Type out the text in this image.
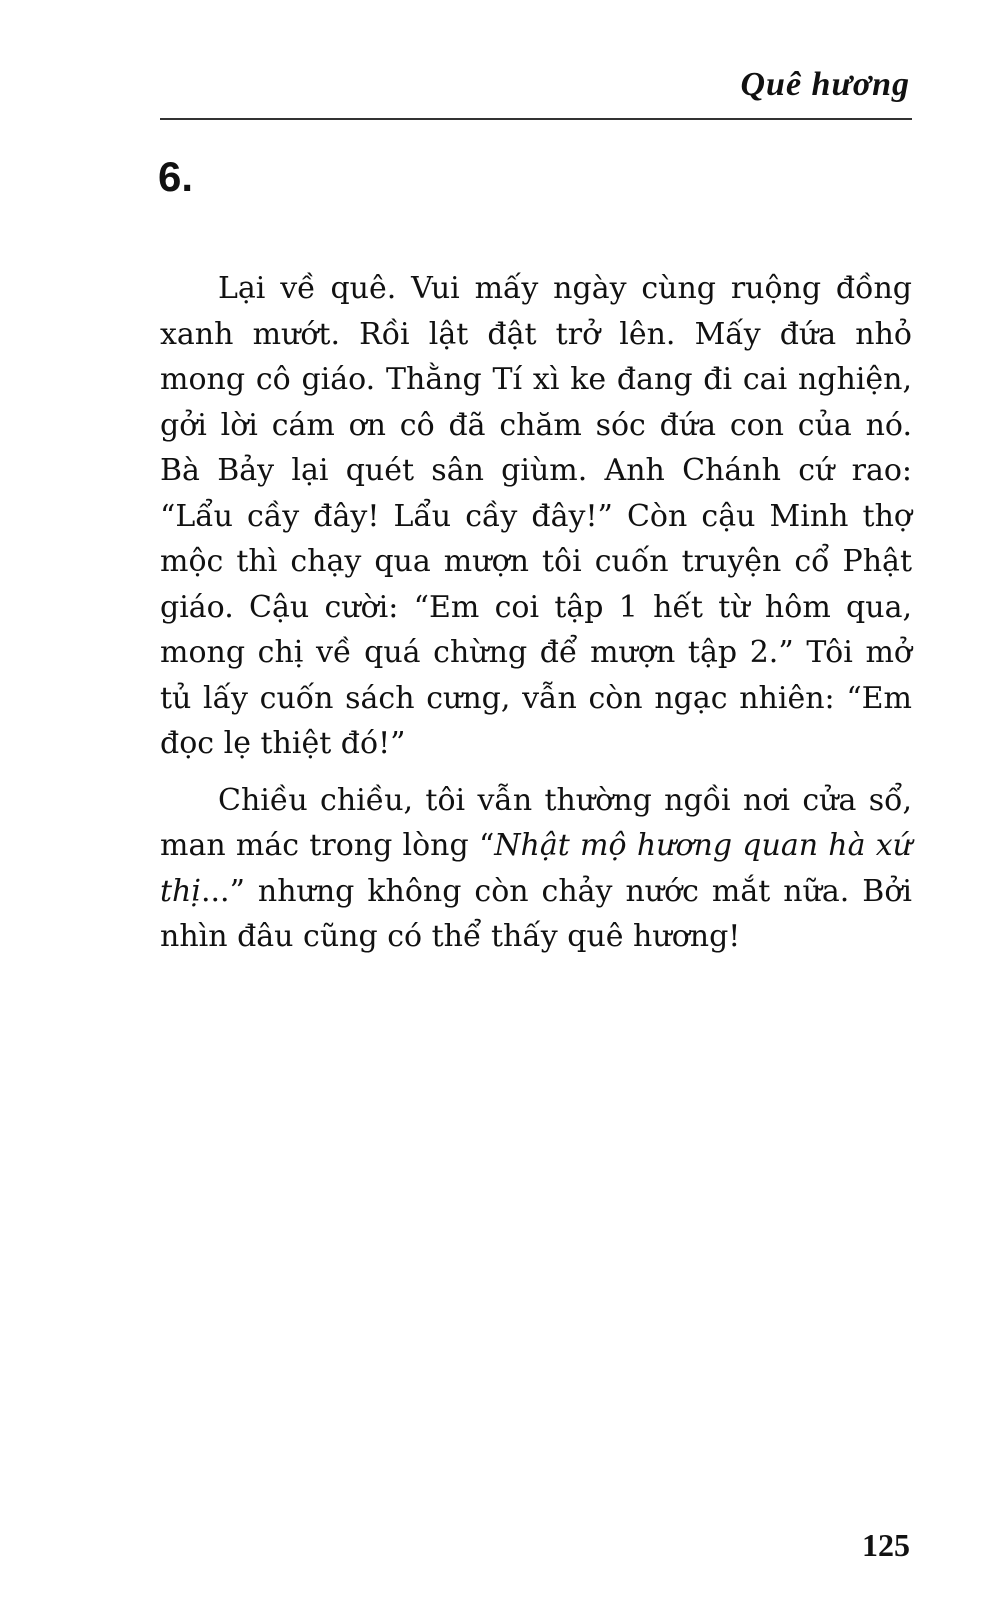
Quê hương
6.

Lại về quê. Vui mấy ngày cùng ruộng đồng xanh mướt. Rồi lật đật trở lên. Mấy đứa nhỏ mong cô giáo. Thằng Tí xì ke đang đi cai nghiện, gởi lời cám ơn cô đã chăm sóc đứa con của nó. Bà Bảy lại quét sân giùm. Anh Chánh cứ rao: “Lẩu cầy đây! Lẩu cầy đây!” Còn cậu Minh thợ mộc thì chạy qua mượn tôi cuốn truyện cổ Phật giáo. Cậu cười: “Em coi tập 1 hết từ hôm qua, mong chị về quá chừng để mượn tập 2.” Tôi mở tủ lấy cuốn sách cưng, vẫn còn ngạc nhiên: “Em đọc lẹ thiệt đó!”

Chiều chiều, tôi vẫn thường ngồi nơi cửa sổ, man mác trong lòng “Nhật mộ hương quan hà xứ thị...” nhưng không còn chảy nước mắt nữa. Bởi nhìn đâu cũng có thể thấy quê hương!

125
